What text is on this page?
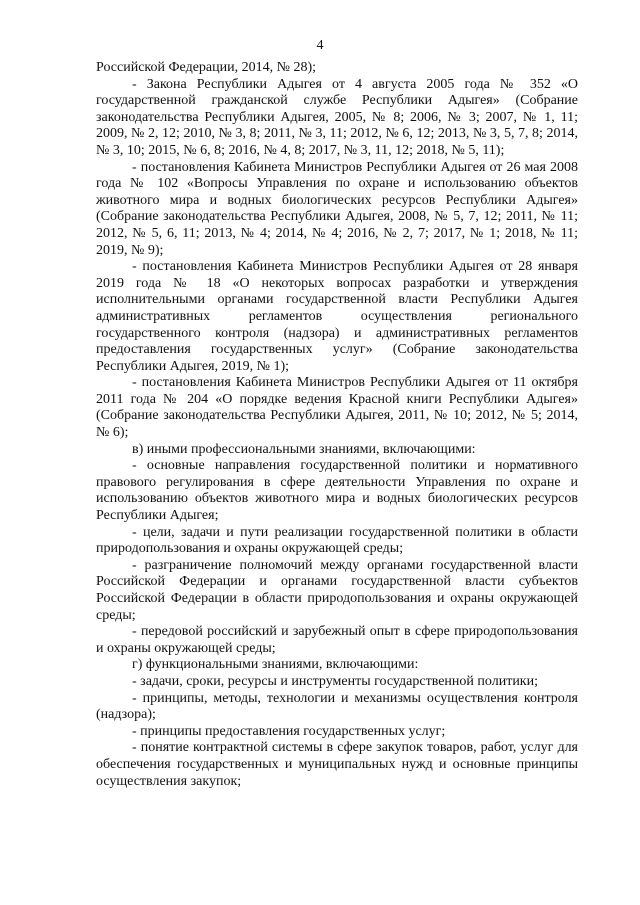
4

Российской Федерации, 2014, № 28);

- Закона Республики Адыгея от 4 августа 2005 года № 352 «О государственной гражданской службе Республики Адыгея» (Собрание законодательства Республики Адыгея, 2005, № 8; 2006, № 3; 2007, № 1, 11; 2009, № 2, 12; 2010, № 3, 8; 2011, № 3, 11; 2012, № 6, 12; 2013, № 3, 5, 7, 8; 2014, № 3, 10; 2015, № 6, 8; 2016, № 4, 8; 2017, № 3, 11, 12; 2018, № 5, 11);

- постановления Кабинета Министров Республики Адыгея от 26 мая 2008 года № 102 «Вопросы Управления по охране и использованию объектов животного мира и водных биологических ресурсов Республики Адыгея» (Собрание законодательства Республики Адыгея, 2008, № 5, 7, 12; 2011, № 11; 2012, № 5, 6, 11; 2013, № 4; 2014, № 4; 2016, № 2, 7; 2017, № 1; 2018, № 11; 2019, № 9);

- постановления Кабинета Министров Республики Адыгея от 28 января 2019 года № 18 «О некоторых вопросах разработки и утверждения исполнительными органами государственной власти Республики Адыгея административных регламентов осуществления регионального государственного контроля (надзора) и административных регламентов предоставления государственных услуг» (Собрание законодательства Республики Адыгея, 2019, № 1);

- постановления Кабинета Министров Республики Адыгея от 11 октября 2011 года № 204 «О порядке ведения Красной книги Республики Адыгея» (Собрание законодательства Республики Адыгея, 2011, № 10; 2012, № 5; 2014, № 6);

в) иными профессиональными знаниями, включающими:

- основные направления государственной политики и нормативного правового регулирования в сфере деятельности Управления по охране и использованию объектов животного мира и водных биологических ресурсов Республики Адыгея;

- цели, задачи и пути реализации государственной политики в области природопользования и охраны окружающей среды;

- разграничение полномочий между органами государственной власти Российской Федерации и органами государственной власти субъектов Российской Федерации в области природопользования и охраны окружающей среды;

- передовой российский и зарубежный опыт в сфере природопользования и охраны окружающей среды;

г) функциональными знаниями, включающими:

- задачи, сроки, ресурсы и инструменты государственной политики;

- принципы, методы, технологии и механизмы осуществления контроля (надзора);

- принципы предоставления государственных услуг;

- понятие контрактной системы в сфере закупок товаров, работ, услуг для обеспечения государственных и муниципальных нужд и основные принципы осуществления закупок;
